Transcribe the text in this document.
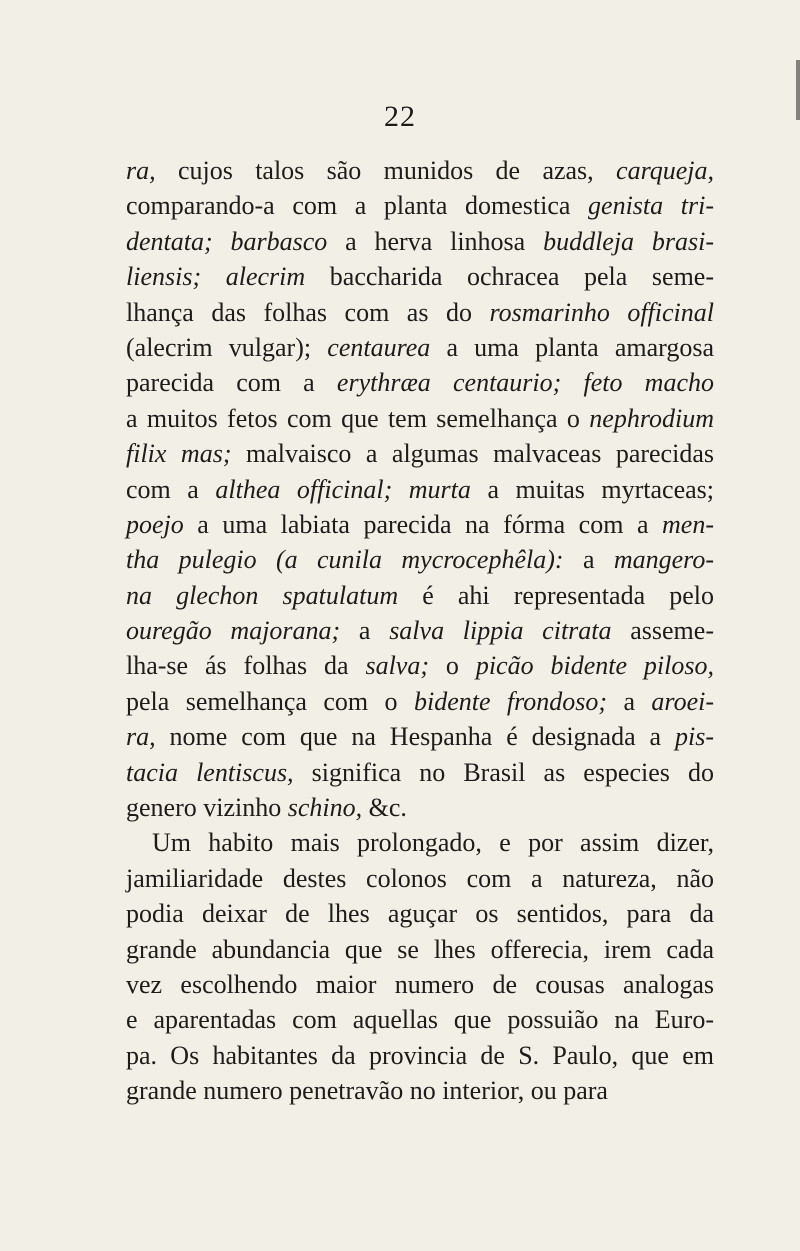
22
ra, cujos talos são munidos de azas, carqueja,
comparando-a com a planta domestica genista tri-
dentata; barbasco a herva linhosa buddleja brasi-
liensis; alecrim baccharida ochracea pela seme-
lhança das folhas com as do rosmarinho officinal
(alecrim vulgar); centaurea a uma planta amargosa
parecida com a erythræa centaurio; feto macho
a muitos fetos com que tem semelhança o nephrodium
filix mas; malvaisco a algumas malvaceas parecidas
com a althea officinal; murta a muitas myrtaceas;
poejo a uma labiata parecida na fórma com a men-
tha pulegio (a cunila mycrocephêla): a mangero-
na glechon spatulatum é ahi representada pelo
ouregão majorana; a salva lippia citrata asseme-
lha-se ás folhas da salva; o picão bidente piloso,
pela semelhança com o bidente frondoso; a aroei-
ra, nome com que na Hespanha é designada a pis-
tacia lentiscus, significa no Brasil as especies do
genero vizinho schino, &c.
Um habito mais prolongado, e por assim dizer,
jamiliaridade destes colonos com a natureza, não
podia deixar de lhes aguçar os sentidos, para da
grande abundancia que se lhes offerecia, irem cada
vez escolhendo maior numero de cousas analogas
e aparentadas com aquellas que possuião na Euro-
pa. Os habitantes da provincia de S. Paulo, que em
grande numero penetravão no interior, ou para
